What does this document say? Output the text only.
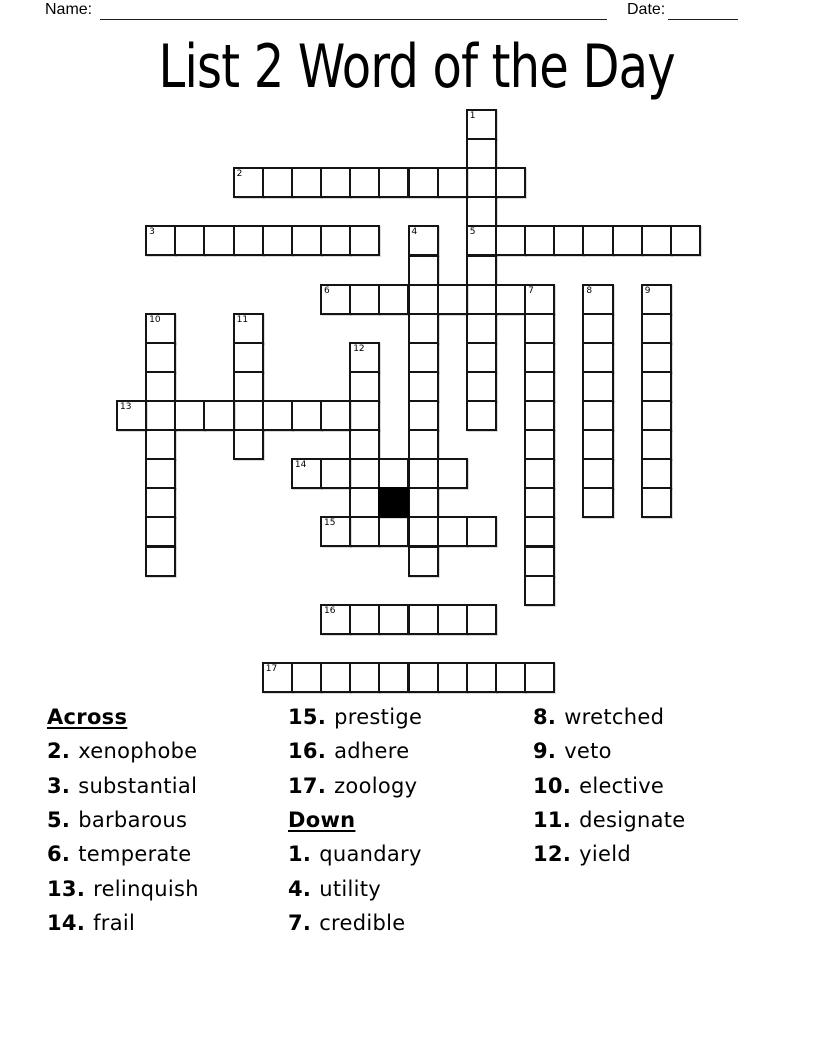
Name:	Date:
List 2 Word of the Day
1
5
2
3	4
6	7	8	9
10	11
12
13
14
15
16
17
Across
2. xenophobe
3. substantial
5. barbarous
6. temperate
13. relinquish
14. frail
15. prestige
16. adhere
17. zoology
Down
1. quandary
4. utility
7. credible
8. wretched
9. veto
10. elective
11. designate
12. yield
